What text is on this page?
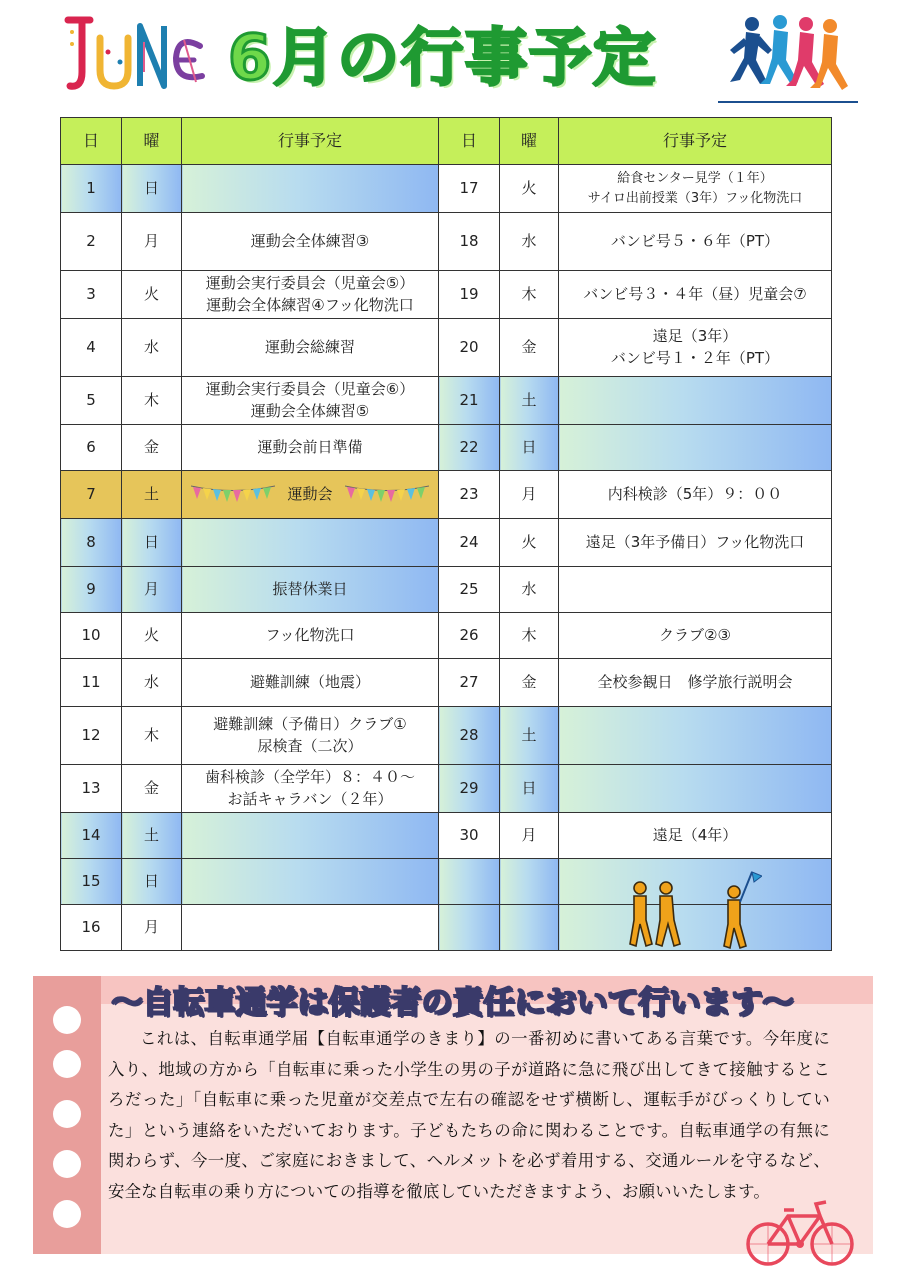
6月の行事予定
日	曜	行事予定	日	曜	行事予定

1	日		17	火	給食センター見学（１年）
サイロ出前授業（3年）フッ化物洗口

2	月	運動会全体練習③	18	水	バンビ号５・６年（PT）

3	火	運動会実行委員会（児童会⑤）
運動会全体練習④フッ化物洗口	19	木	バンビ号３・４年（昼）児童会⑦

4	水	運動会総練習	20	金	遠足（3年）
バンビ号１・２年（PT）

5	木	運動会実行委員会（児童会⑥）
運動会全体練習⑤	21	土	

6	金	運動会前日準備	22	日	

7	土	運動会	23	月	内科検診（5年）９：００

8	日		24	火	遠足（3年予備日）フッ化物洗口

9	月	振替休業日	25	水	

10	火	フッ化物洗口	26	木	クラブ②③

11	水	避難訓練（地震）	27	金	全校参観日　修学旅行説明会

12	木	避難訓練（予備日）クラブ①
尿検査（二次）	28	土	

13	金	歯科検診（全学年）８：４０～
お話キャラバン（２年）	29	日	

14	土		30	月	遠足（4年）

15	日				

16	月				

～自転車通学は保護者の責任において行います～
これは、自転車通学届【自転車通学のきまり】の一番初めに書いてある言葉です。今年度に入り、地域の方から「自転車に乗った小学生の男の子が道路に急に飛び出してきて接触するところだった」「自転車に乗った児童が交差点で左右の確認をせず横断し、運転手がびっくりしていた」という連絡をいただいております。子どもたちの命に関わることです。自転車通学の有無に関わらず、今一度、ご家庭におきまして、ヘルメットを必ず着用する、交通ルールを守るなど、安全な自転車の乗り方についての指導を徹底していただきますよう、お願いいたします。
